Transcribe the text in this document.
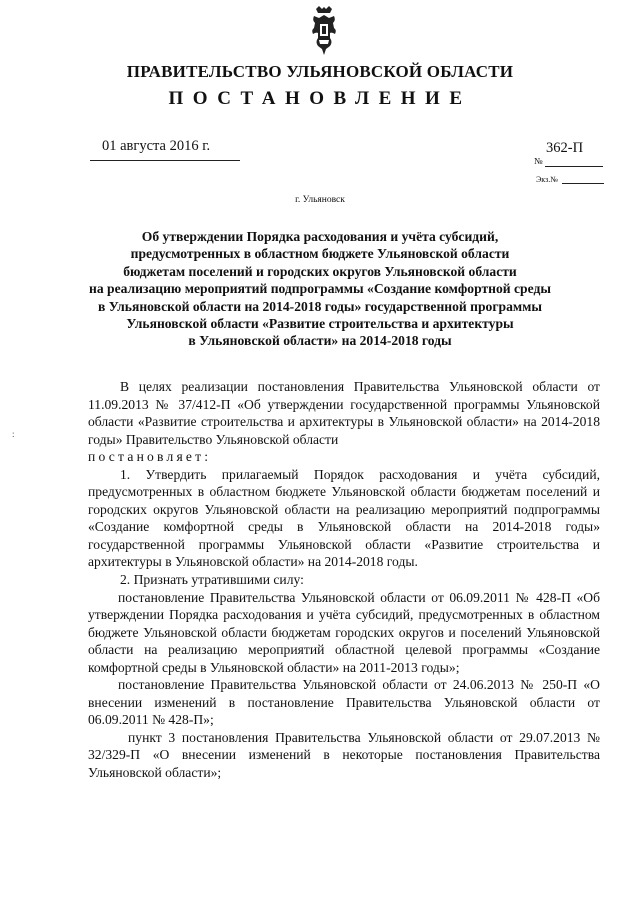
ПРАВИТЕЛЬСТВО УЛЬЯНОВСКОЙ ОБЛАСТИ
ПОСТАНОВЛЕНИЕ
01 августа 2016 г.	362-П
№
Экз.№
г. Ульяновск
Об утверждении Порядка расходования и учёта субсидий,
предусмотренных в областном бюджете Ульяновской области
бюджетам поселений и городских округов Ульяновской области
на реализацию мероприятий подпрограммы «Создание комфортной среды
в Ульяновской области на 2014-2018 годы» государственной программы
Ульяновской области «Развитие строительства и архитектуры
в Ульяновской области» на 2014-2018 годы
:

В целях реализации постановления Правительства Ульяновской области от 11.09.2013 № 37/412-П «Об утверждении государственной программы Ульяновской области «Развитие строительства и архитектуры в Ульяновской области» на 2014-2018 годы» Правительство Ульяновской области

постановляет:

1. Утвердить прилагаемый Порядок расходования и учёта субсидий, предусмотренных в областном бюджете Ульяновской области бюджетам поселений и городских округов Ульяновской области на реализацию мероприятий подпрограммы «Создание комфортной среды в Ульяновской области на 2014-2018 годы» государственной программы Ульяновской области «Развитие строительства и архитектуры в Ульяновской области» на 2014-2018 годы.

2. Признать утратившими силу:

постановление Правительства Ульяновской области от 06.09.2011 № 428-П «Об утверждении Порядка расходования и учёта субсидий, предусмотренных в областном бюджете Ульяновской области бюджетам городских округов и поселений Ульяновской области на реализацию мероприятий областной целевой программы «Создание комфортной среды в Ульяновской области» на 2011-2013 годы»;

постановление Правительства Ульяновской области от 24.06.2013 № 250-П «О внесении изменений в постановление Правительства Ульяновской области от 06.09.2011 № 428-П»;

пункт 3 постановления Правительства Ульяновской области от 29.07.2013 № 32/329-П «О внесении изменений в некоторые постановления Правительства Ульяновской области»;
